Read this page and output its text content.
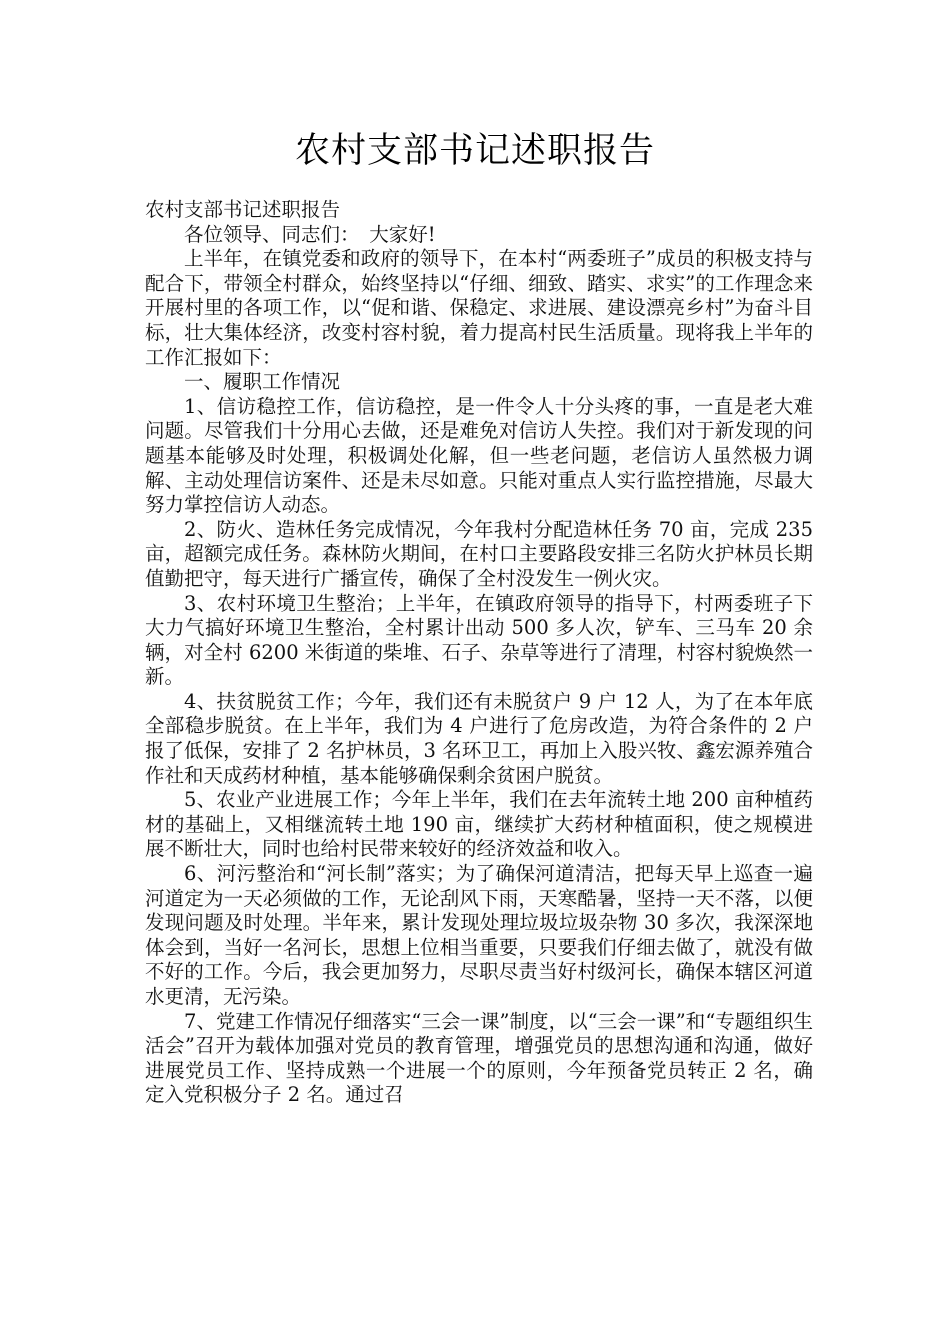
农村支部书记述职报告

农村支部书记述职报告

各位领导、同志们：　大家好!

上半年，在镇党委和政府的领导下，在本村“两委班子”成员的积极支持与配合下，带领全村群众，始终坚持以“仔细、细致、踏实、求实”的工作理念来开展村里的各项工作，以“促和谐、保稳定、求进展、建设漂亮乡村”为奋斗目标，壮大集体经济，改变村容村貌，着力提高村民生活质量。现将我上半年的工作汇报如下：

一、履职工作情况

1、信访稳控工作，信访稳控，是一件令人十分头疼的事，一直是老大难问题。尽管我们十分用心去做，还是难免对信访人失控。我们对于新发现的问题基本能够及时处理，积极调处化解，但一些老问题，老信访人虽然极力调解、主动处理信访案件、还是未尽如意。只能对重点人实行监控措施，尽最大努力掌控信访人动态。

2、防火、造林任务完成情况，今年我村分配造林任务 70 亩，完成 235 亩，超额完成任务。森林防火期间，在村口主要路段安排三名防火护林员长期值勤把守，每天进行广播宣传，确保了全村没发生一例火灾。

3、农村环境卫生整治；上半年，在镇政府领导的指导下，村两委班子下大力气搞好环境卫生整治，全村累计出动 500 多人次，铲车、三马车 20 余辆，对全村 6200 米街道的柴堆、石子、杂草等进行了清理，村容村貌焕然一新。

4、扶贫脱贫工作；今年，我们还有未脱贫户 9 户 12 人，为了在本年底全部稳步脱贫。在上半年，我们为 4 户进行了危房改造，为符合条件的 2 户报了低保，安排了 2 名护林员，3 名环卫工，再加上入股兴牧、鑫宏源养殖合作社和天成药材种植，基本能够确保剩余贫困户脱贫。

5、农业产业进展工作；今年上半年，我们在去年流转土地 200 亩种植药材的基础上，又相继流转土地 190 亩，继续扩大药材种植面积，使之规模进展不断壮大，同时也给村民带来较好的经济效益和收入。

6、河污整治和“河长制”落实；为了确保河道清洁，把每天早上巡查一遍河道定为一天必须做的工作，无论刮风下雨，天寒酷暑，坚持一天不落，以便发现问题及时处理。半年来，累计发现处理垃圾垃圾杂物 30 多次，我深深地体会到，当好一名河长，思想上位相当重要，只要我们仔细去做了，就没有做不好的工作。今后，我会更加努力，尽职尽责当好村级河长，确保本辖区河道水更清，无污染。

7、党建工作情况仔细落实“三会一课”制度，以“三会一课”和“专题组织生活会”召开为载体加强对党员的教育管理，增强党员的思想沟通和沟通，做好进展党员工作、坚持成熟一个进展一个的原则，今年预备党员转正 2 名，确定入党积极分子 2 名。通过召
